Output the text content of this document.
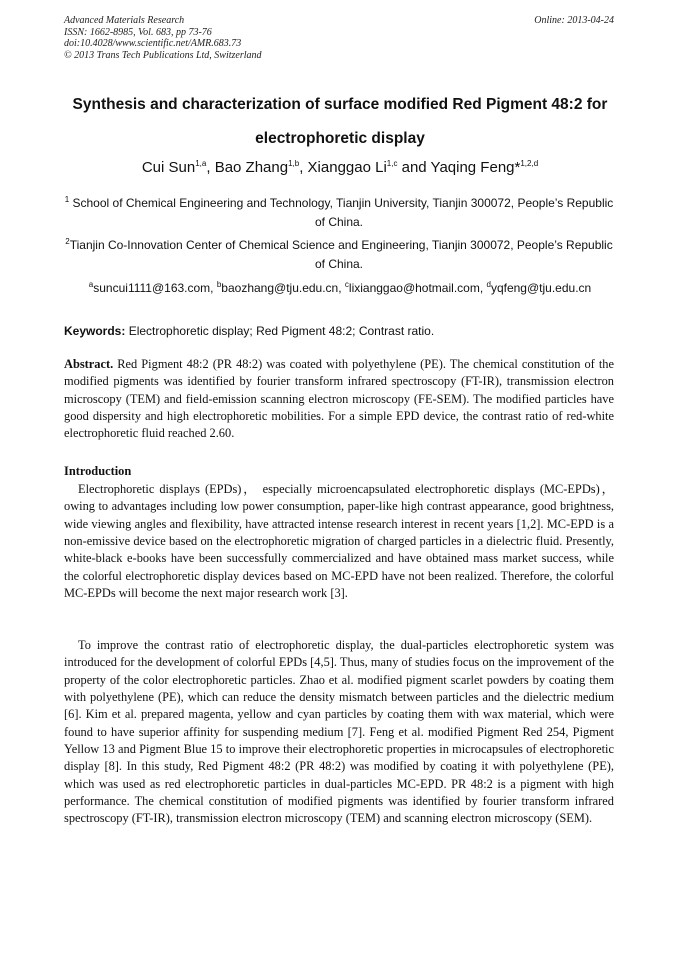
Advanced Materials Research
ISSN: 1662-8985, Vol. 683, pp 73-76
doi:10.4028/www.scientific.net/AMR.683.73
© 2013 Trans Tech Publications Ltd, Switzerland
Online: 2013-04-24
Synthesis and characterization of surface modified Red Pigment 48:2 for electrophoretic display
Cui Sun$^{1,a}$, Bao Zhang$^{1,b}$, Xianggao Li$^{1,c}$ and Yaqing Feng*$^{1,2,d}$
$^1$ School of Chemical Engineering and Technology, Tianjin University, Tianjin 300072, People’s Republic of China.
$^2$Tianjin Co-Innovation Center of Chemical Science and Engineering, Tianjin 300072, People’s Republic of China.
$^a$suncui1111@163.com, $^b$baozhang@tju.edu.cn, $^c$lixianggao@hotmail.com, $^d$yqfeng@tju.edu.cn
Keywords: Electrophoretic display; Red Pigment 48:2; Contrast ratio.

Abstract. Red Pigment 48:2 (PR 48:2) was coated with polyethylene (PE). The chemical constitution of the modified pigments was identified by fourier transform infrared spectroscopy (FT-IR), transmission electron microscopy (TEM) and field-emission scanning electron microscopy (FE-SEM). The modified particles have good dispersity and high electrophoretic mobilities. For a simple EPD device, the contrast ratio of red-white electrophoretic fluid reached 2.60.

Introduction

Electrophoretic displays (EPDs)， especially microencapsulated electrophoretic displays (MC-EPDs)，owing to advantages including low power consumption, paper-like high contrast appearance, good brightness, wide viewing angles and flexibility, have attracted intense research interest in recent years [1,2]. MC-EPD is a non-emissive device based on the electrophoretic migration of charged particles in a dielectric fluid. Presently, white-black e-books have been successfully commercialized and have obtained mass market success, while the colorful electrophoretic display devices based on MC-EPD have not been realized. Therefore, the colorful MC-EPDs will become the next major research work [3].

To improve the contrast ratio of electrophoretic display, the dual-particles electrophoretic system was introduced for the development of colorful EPDs [4,5]. Thus, many of studies focus on the improvement of the property of the color electrophoretic particles. Zhao et al. modified pigment scarlet powders by coating them with polyethylene (PE), which can reduce the density mismatch between particles and the dielectric medium [6]. Kim et al. prepared magenta, yellow and cyan particles by coating them with wax material, which were found to have superior affinity for suspending medium [7]. Feng et al. modified Pigment Red 254, Pigment Yellow 13 and Pigment Blue 15 to improve their electrophoretic properties in microcapsules of electrophoretic display [8]. In this study, Red Pigment 48:2 (PR 48:2) was modified by coating it with polyethylene (PE), which was used as red electrophoretic particles in dual-particles MC-EPD. PR 48:2 is a pigment with high performance. The chemical constitution of modified pigments was identified by fourier transform infrared spectroscopy (FT-IR), transmission electron microscopy (TEM) and scanning electron microscopy (SEM).
